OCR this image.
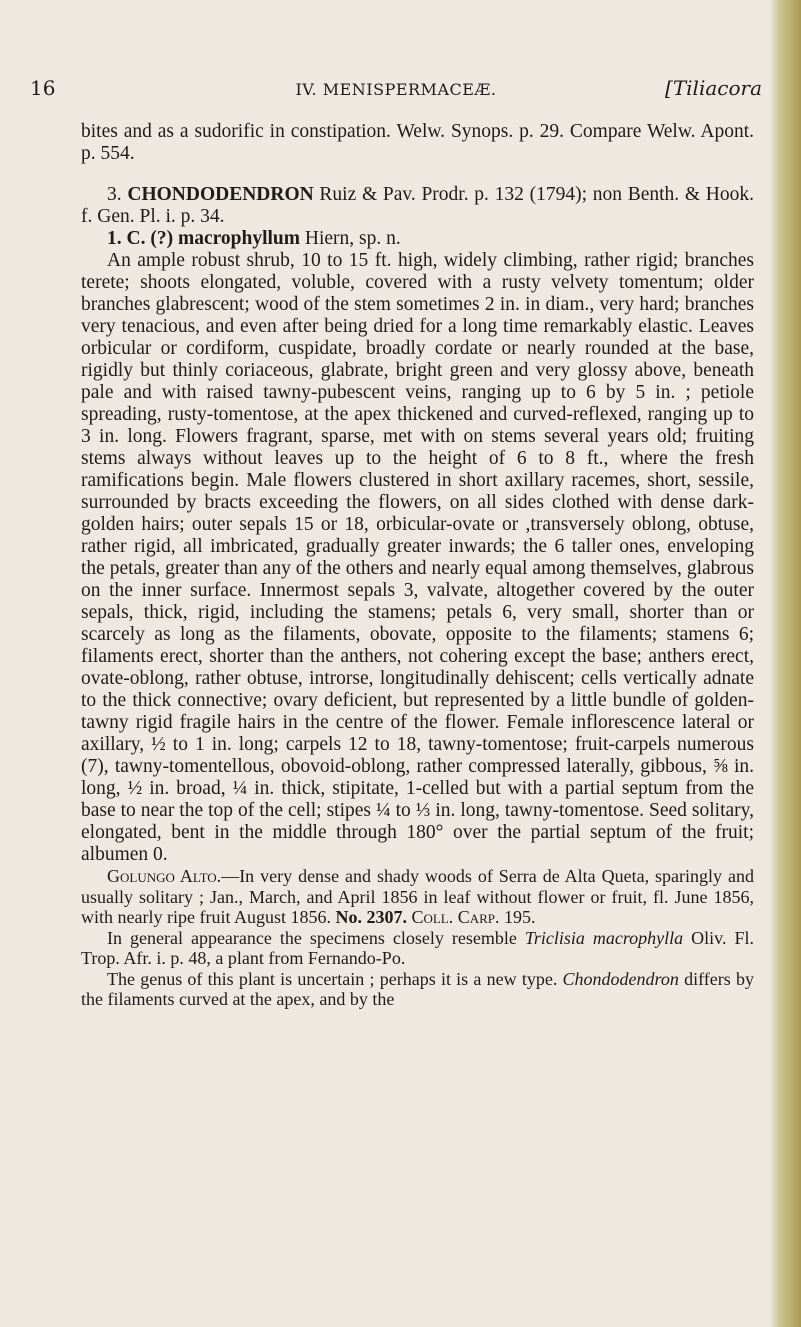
16	IV. MENISPERMACEÆ.	[Tiliacora

bites and as a sudorific in constipation. Welw. Synops. p. 29. Compare Welw. Apont. p. 554.

3. CHONDODENDRON Ruiz & Pav. Prodr. p. 132 (1794); non Benth. & Hook. f. Gen. Pl. i. p. 34.

1. C. (?) macrophyllum Hiern, sp. n.

An ample robust shrub, 10 to 15 ft. high, widely climbing, rather rigid; branches terete; shoots elongated, voluble, covered with a rusty velvety tomentum; older branches glabrescent; wood of the stem sometimes 2 in. in diam., very hard; branches very tenacious, and even after being dried for a long time remarkably elastic. Leaves orbicular or cordiform, cuspidate, broadly cordate or nearly rounded at the base, rigidly but thinly coriaceous, glabrate, bright green and very glossy above, beneath pale and with raised tawny-pubescent veins, ranging up to 6 by 5 in. ; petiole spreading, rusty-tomentose, at the apex thickened and curved-reflexed, ranging up to 3 in. long. Flowers fragrant, sparse, met with on stems several years old; fruiting stems always without leaves up to the height of 6 to 8 ft., where the fresh ramifications begin. Male flowers clustered in short axillary racemes, short, sessile, surrounded by bracts exceeding the flowers, on all sides clothed with dense dark-golden hairs; outer sepals 15 or 18, orbicular-ovate or ,transversely oblong, obtuse, rather rigid, all imbricated, gradually greater inwards; the 6 taller ones, enveloping the petals, greater than any of the others and nearly equal among themselves, glabrous on the inner surface. Innermost sepals 3, valvate, altogether covered by the outer sepals, thick, rigid, including the stamens; petals 6, very small, shorter than or scarcely as long as the filaments, obovate, opposite to the filaments; stamens 6; filaments erect, shorter than the anthers, not cohering except the base; anthers erect, ovate-oblong, rather obtuse, introrse, longitudinally dehiscent; cells vertically adnate to the thick connective; ovary deficient, but represented by a little bundle of golden-tawny rigid fragile hairs in the centre of the flower. Female inflorescence lateral or axillary, ½ to 1 in. long; carpels 12 to 18, tawny-tomentose; fruit-carpels numerous (7), tawny-tomentellous, obovoid-oblong, rather compressed laterally, gibbous, ⅝ in. long, ½ in. broad, ¼ in. thick, stipitate, 1-celled but with a partial septum from the base to near the top of the cell; stipes ¼ to ⅓ in. long, tawny-tomentose. Seed solitary, elongated, bent in the middle through 180° over the partial septum of the fruit; albumen 0.

Golungo Alto.—In very dense and shady woods of Serra de Alta Queta, sparingly and usually solitary ; Jan., March, and April 1856 in leaf without flower or fruit, fl. June 1856, with nearly ripe fruit August 1856. No. 2307. Coll. Carp. 195.

In general appearance the specimens closely resemble Triclisia macrophylla Oliv. Fl. Trop. Afr. i. p. 48, a plant from Fernando-Po.

The genus of this plant is uncertain ; perhaps it is a new type. Chondodendron differs by the filaments curved at the apex, and by the
